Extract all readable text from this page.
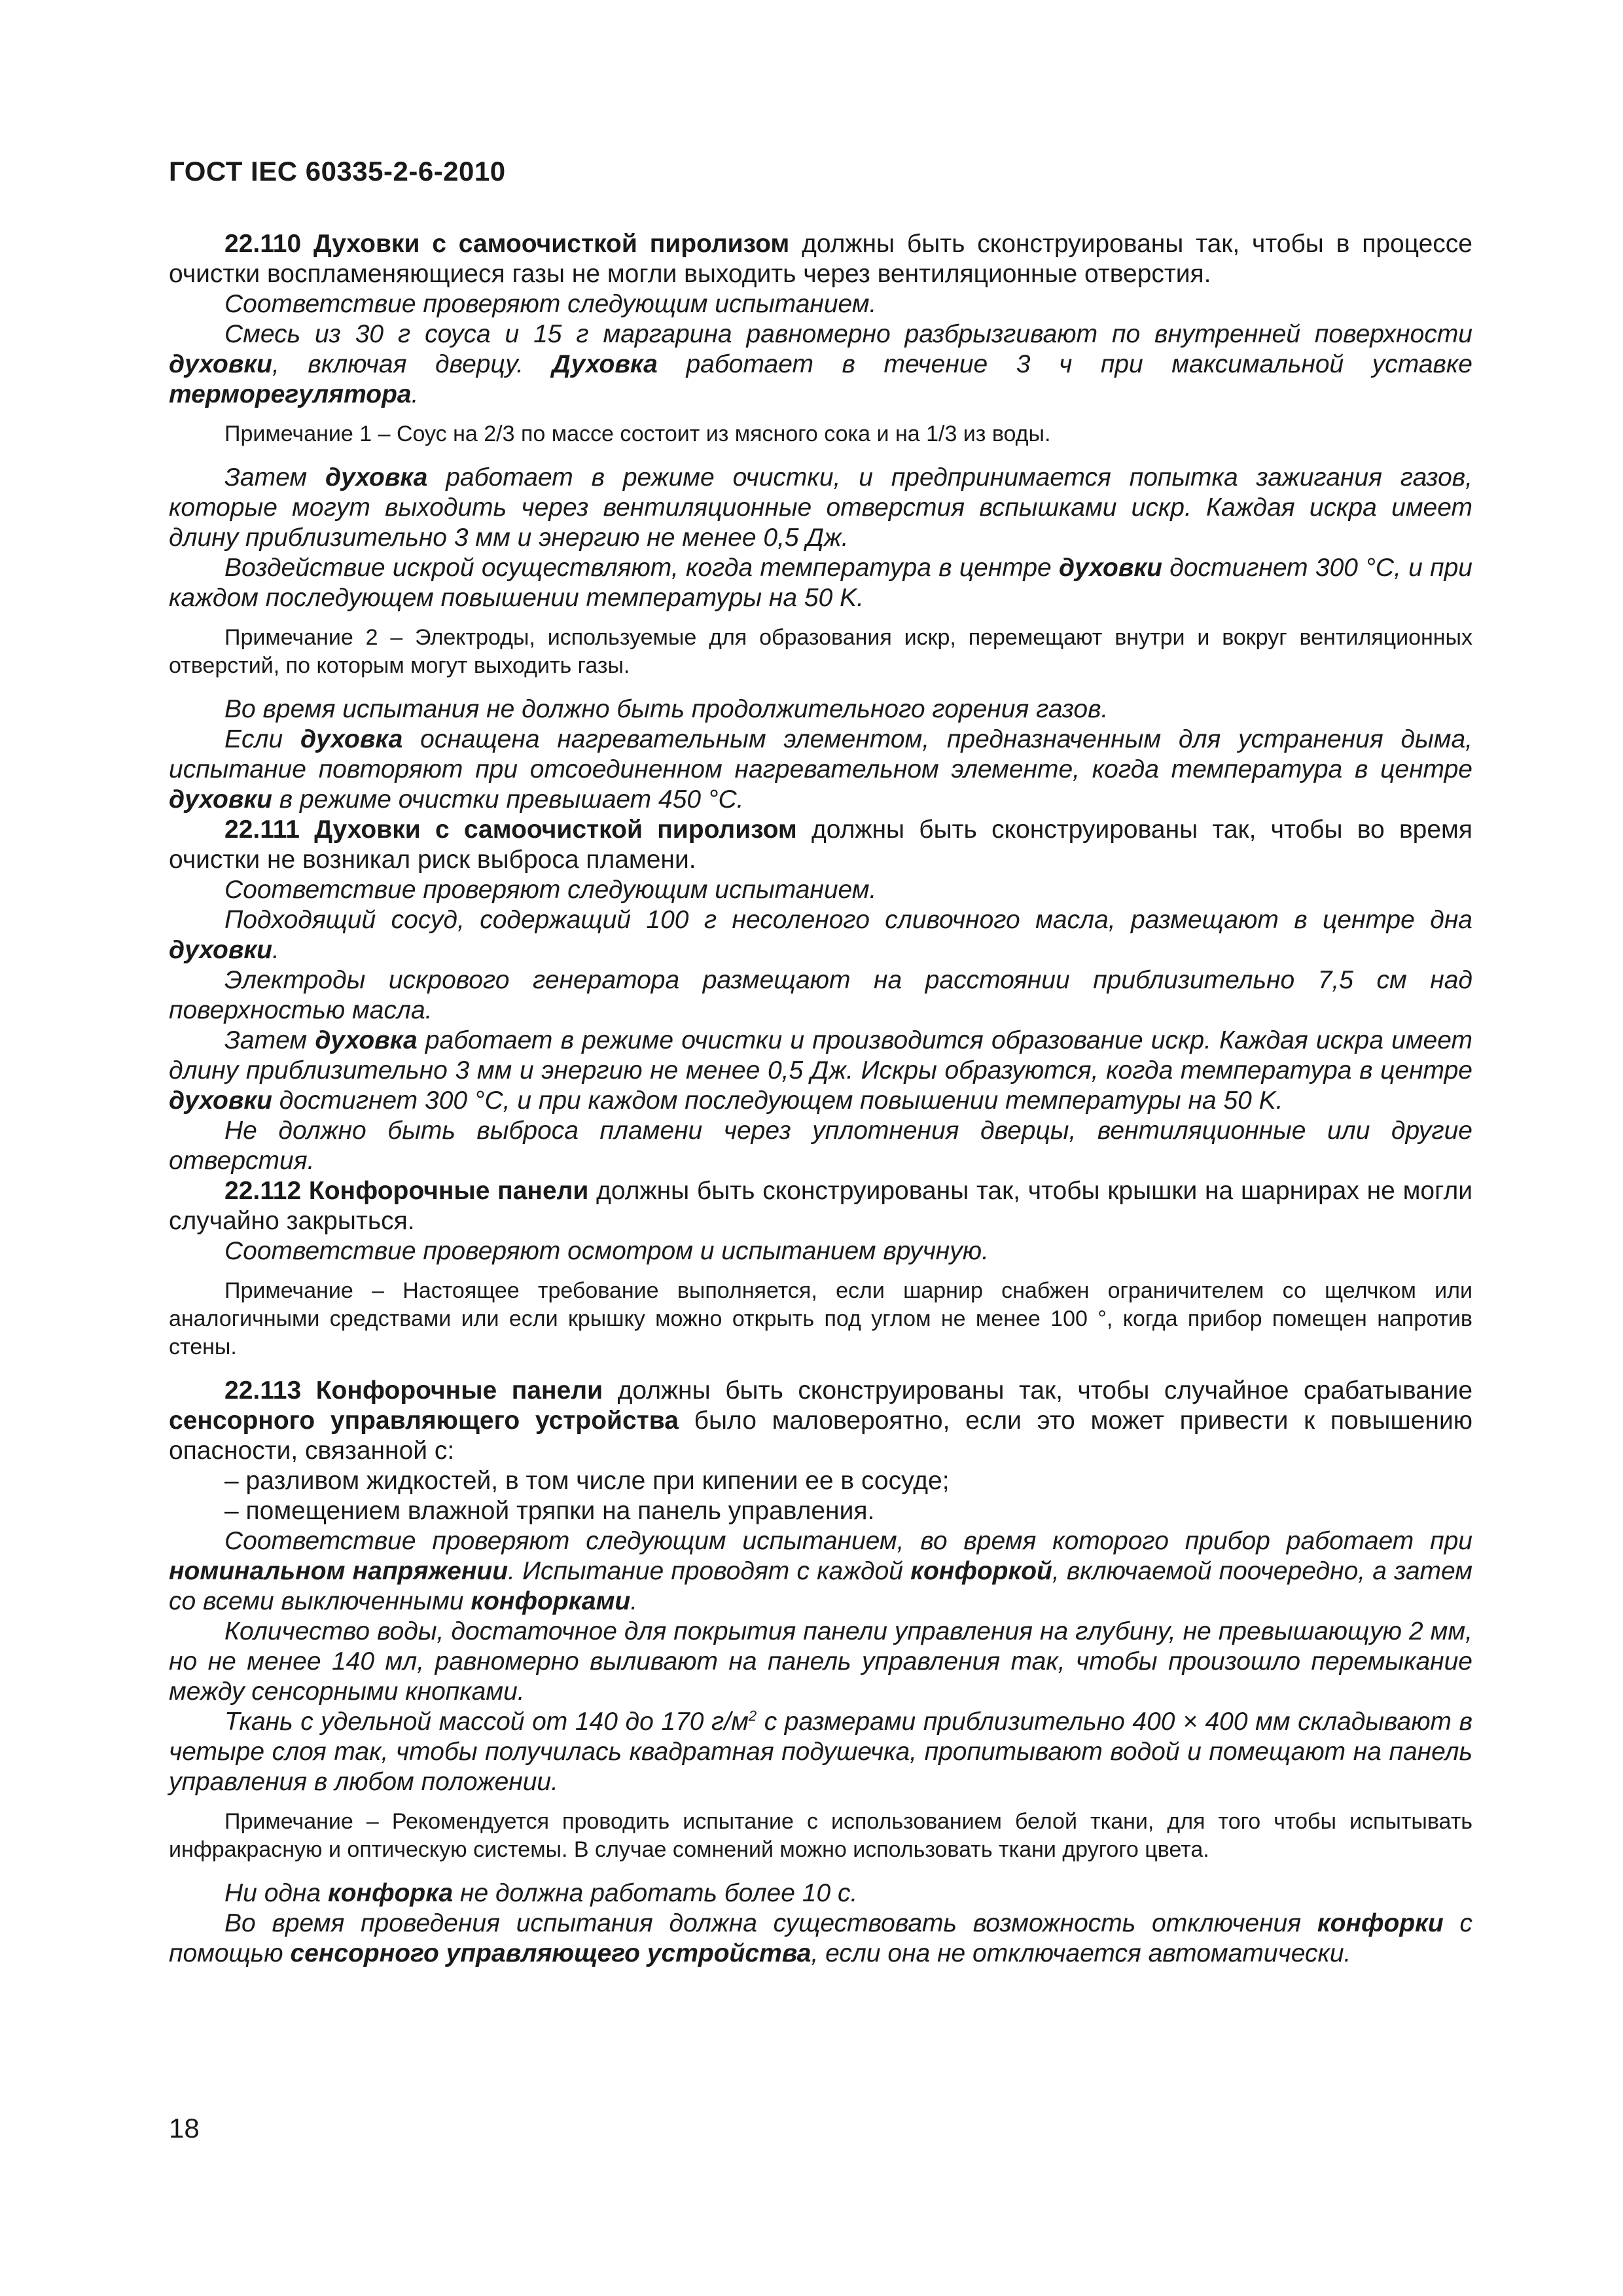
ГОСТ IEC 60335-2-6-2010

22.110 Духовки с самоочисткой пиролизом должны быть сконструированы так, чтобы в процессе очистки воспламеняющиеся газы не могли выходить через вентиляционные отверстия.

Соответствие проверяют следующим испытанием.

Смесь из 30 г соуса и 15 г маргарина равномерно разбрызгивают по внутренней поверхности духовки, включая дверцу. Духовка работает в течение 3 ч при максимальной уставке терморегулятора.

Примечание 1 – Соус на 2/3 по массе состоит из мясного сока и на 1/3 из воды.

Затем духовка работает в режиме очистки, и предпринимается попытка зажигания газов, которые могут выходить через вентиляционные отверстия вспышками искр. Каждая искра имеет длину приблизительно 3 мм и энергию не менее 0,5 Дж.

Воздействие искрой осуществляют, когда температура в центре духовки достигнет 300 °С, и при каждом последующем повышении температуры на 50 K.

Примечание 2 – Электроды, используемые для образования искр, перемещают внутри и вокруг вентиляционных отверстий, по которым могут выходить газы.

Во время испытания не должно быть продолжительного горения газов.

Если духовка оснащена нагревательным элементом, предназначенным для устранения дыма, испытание повторяют при отсоединенном нагревательном элементе, когда температура в центре духовки в режиме очистки превышает 450 °С.

22.111 Духовки с самоочисткой пиролизом должны быть сконструированы так, чтобы во время очистки не возникал риск выброса пламени.

Соответствие проверяют следующим испытанием.

Подходящий сосуд, содержащий 100 г несоленого сливочного масла, размещают в центре дна духовки.

Электроды искрового генератора размещают на расстоянии приблизительно 7,5 см над поверхностью масла.

Затем духовка работает в режиме очистки и производится образование искр. Каждая искра имеет длину приблизительно 3 мм и энергию не менее 0,5 Дж. Искры образуются, когда температура в центре духовки достигнет 300 °С, и при каждом последующем повышении температуры на 50 K.

Не должно быть выброса пламени через уплотнения дверцы, вентиляционные или другие отверстия.

22.112 Конфорочные панели должны быть сконструированы так, чтобы крышки на шарнирах не могли случайно закрыться.

Соответствие проверяют осмотром и испытанием вручную.

Примечание – Настоящее требование выполняется, если шарнир снабжен ограничителем со щелчком или аналогичными средствами или если крышку можно открыть под углом не менее 100 °, когда прибор помещен напротив стены.

22.113 Конфорочные панели должны быть сконструированы так, чтобы случайное срабатывание сенсорного управляющего устройства было маловероятно, если это может привести к повышению опасности, связанной с:

– разливом жидкостей, в том числе при кипении ее в сосуде;

– помещением влажной тряпки на панель управления.

Соответствие проверяют следующим испытанием, во время которого прибор работает при номинальном напряжении. Испытание проводят с каждой конфоркой, включаемой поочередно, а затем со всеми выключенными конфорками.

Количество воды, достаточное для покрытия панели управления на глубину, не превышающую 2 мм, но не менее 140 мл, равномерно выливают на панель управления так, чтобы произошло перемыкание между сенсорными кнопками.

Ткань с удельной массой от 140 до 170 $г/м^2$ с размерами приблизительно 400 × 400 мм складывают в четыре слоя так, чтобы получилась квадратная подушечка, пропитывают водой и помещают на панель управления в любом положении.

Примечание – Рекомендуется проводить испытание с использованием белой ткани, для того чтобы испытывать инфракрасную и оптическую системы. В случае сомнений можно использовать ткани другого цвета.

Ни одна конфорка не должна работать более 10 с.

Во время проведения испытания должна существовать возможность отключения конфорки с помощью сенсорного управляющего устройства, если она не отключается автоматически.

18
